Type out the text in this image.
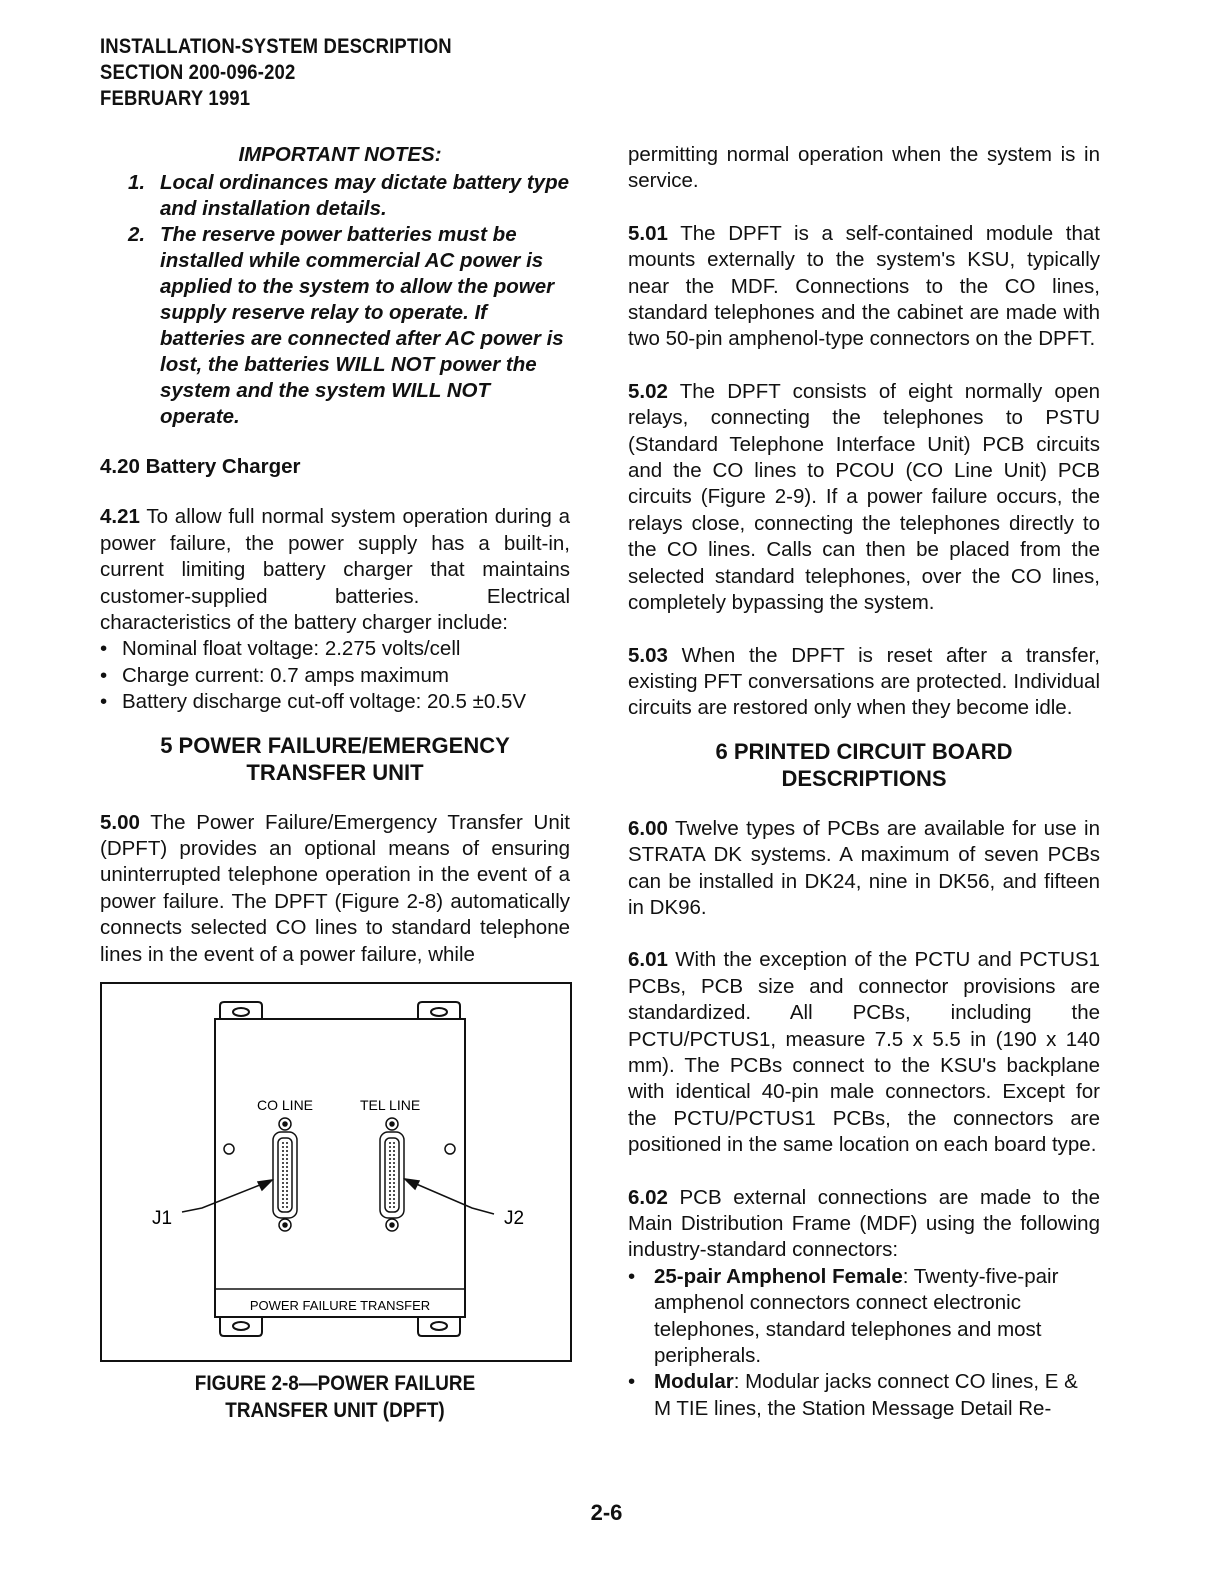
INSTALLATION-SYSTEM DESCRIPTION
SECTION 200-096-202
FEBRUARY 1991
IMPORTANT NOTES:
1. Local ordinances may dictate battery type and installation details.
2. The reserve power batteries must be installed while commercial AC power is applied to the system to allow the power supply reserve relay to operate. If batteries are connected after AC power is lost, the batteries WILL NOT power the system and the system WILL NOT operate.
4.20 Battery Charger

4.21 To allow full normal system operation during a power failure, the power supply has a built-in, current limiting battery charger that maintains customer-supplied batteries. Electrical characteristics of the battery charger include:

• Nominal float voltage: 2.275 volts/cell
• Charge current: 0.7 amps maximum
• Battery discharge cut-off voltage: 20.5 ±0.5V
5 POWER FAILURE/EMERGENCY
TRANSFER UNIT

5.00 The Power Failure/Emergency Transfer Unit (DPFT) provides an optional means of ensuring uninterrupted telephone operation in the event of a power failure. The DPFT (Figure 2-8) automatically connects selected CO lines to standard telephone lines in the event of a power failure, while

CO LINE	TEL LINE
J1	J2
POWER FAILURE TRANSFER
FIGURE 2-8—POWER FAILURE
TRANSFER UNIT (DPFT)

permitting normal operation when the system is in service.

5.01 The DPFT is a self-contained module that mounts externally to the system's KSU, typically near the MDF. Connections to the CO lines, standard telephones and the cabinet are made with two 50-pin amphenol-type connectors on the DPFT.

5.02 The DPFT consists of eight normally open relays, connecting the telephones to PSTU (Standard Telephone Interface Unit) PCB circuits and the CO lines to PCOU (CO Line Unit) PCB circuits (Figure 2-9). If a power failure occurs, the relays close, connecting the telephones directly to the CO lines. Calls can then be placed from the selected standard telephones, over the CO lines, completely bypassing the system.

5.03 When the DPFT is reset after a transfer, existing PFT conversations are protected. Individual circuits are restored only when they become idle.

6 PRINTED CIRCUIT BOARD
DESCRIPTIONS

6.00 Twelve types of PCBs are available for use in STRATA DK systems. A maximum of seven PCBs can be installed in DK24, nine in DK56, and fifteen in DK96.

6.01 With the exception of the PCTU and PCTUS1 PCBs, PCB size and connector provisions are standardized. All PCBs, including the PCTU/PCTUS1, measure 7.5 x 5.5 in (190 x 140 mm). The PCBs connect to the KSU's backplane with identical 40-pin male connectors. Except for the PCTU/PCTUS1 PCBs, the connectors are positioned in the same location on each board type.

6.02 PCB external connections are made to the Main Distribution Frame (MDF) using the following industry-standard connectors:

• 25-pair Amphenol Female: Twenty-five-pair amphenol connectors connect electronic telephones, standard telephones and most peripherals.
• Modular: Modular jacks connect CO lines, E & M TIE lines, the Station Message Detail Re-
2-6
